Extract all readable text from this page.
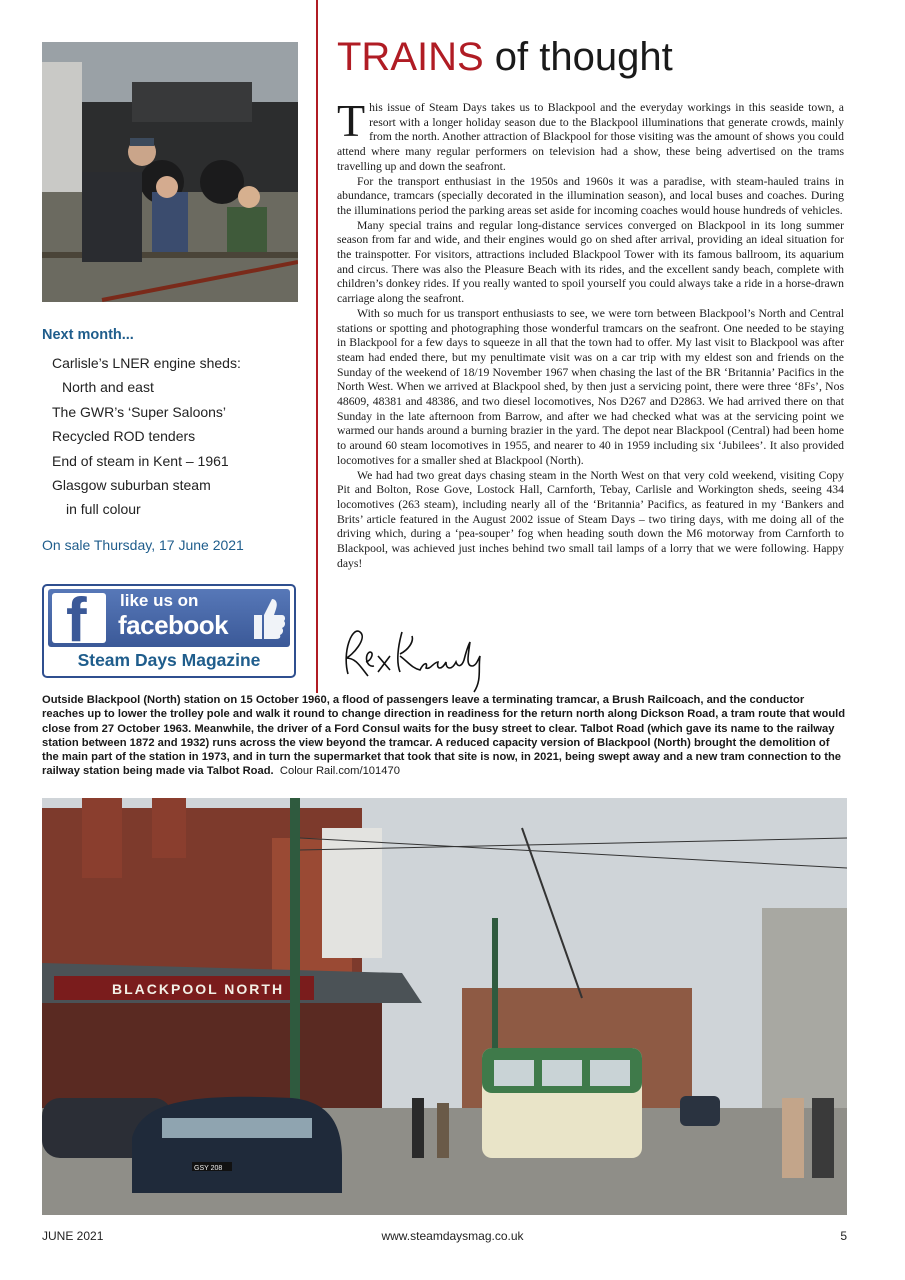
Next month...
Carlisle’s LNER engine sheds:
North and east
The GWR’s ‘Super Saloons’
Recycled ROD tenders
End of steam in Kent – 1961
Glasgow suburban steam
in full colour
On sale Thursday, 17 June 2021
f like us on
facebook
Steam Days Magazine
TRAINS of thought

This issue of Steam Days takes us to Blackpool and the everyday workings in this seaside town, a resort with a longer holiday season due to the Blackpool illuminations that generate crowds, mainly from the north. Another attraction of Blackpool for those visiting was the amount of shows you could attend where many regular performers on television had a show, these being advertised on the trams travelling up and down the seafront.

For the transport enthusiast in the 1950s and 1960s it was a paradise, with steam-hauled trains in abundance, tramcars (specially decorated in the illumination season), and local buses and coaches. During the illuminations period the parking areas set aside for incoming coaches would house hundreds of vehicles.

Many special trains and regular long-distance services converged on Blackpool in its long summer season from far and wide, and their engines would go on shed after arrival, providing an ideal situation for the trainspotter. For visitors, attractions included Blackpool Tower with its famous ballroom, its aquarium and circus. There was also the Pleasure Beach with its rides, and the excellent sandy beach, complete with children’s donkey rides. If you really wanted to spoil yourself you could always take a ride in a horse-drawn carriage along the seafront.

With so much for us transport enthusiasts to see, we were torn between Blackpool’s North and Central stations or spotting and photographing those wonderful tramcars on the seafront. One needed to be staying in Blackpool for a few days to squeeze in all that the town had to offer. My last visit to Blackpool was after steam had ended there, but my penultimate visit was on a car trip with my eldest son and friends on the Sunday of the weekend of 18/19 November 1967 when chasing the last of the BR ‘Britannia’ Pacifics in the North West. When we arrived at Blackpool shed, by then just a servicing point, there were three ‘8Fs’, Nos 48609, 48381 and 48386, and two diesel locomotives, Nos D267 and D2863. We had arrived there on that Sunday in the late afternoon from Barrow, and after we had checked what was at the servicing point we warmed our hands around a burning brazier in the yard. The depot near Blackpool (Central) had been home to around 60 steam locomotives in 1955, and nearer to 40 in 1959 including six ‘Jubilees’. It also provided locomotives for a smaller shed at Blackpool (North).

We had had two great days chasing steam in the North West on that very cold weekend, visiting Copy Pit and Bolton, Rose Gove, Lostock Hall, Carnforth, Tebay, Carlisle and Workington sheds, seeing 434 locomotives (263 steam), including nearly all of the ‘Britannia’ Pacifics, as featured in my ‘Bankers and Brits’ article featured in the August 2002 issue of Steam Days – two tiring days, with me doing all of the driving which, during a ‘pea-souper’ fog when heading south down the M6 motorway from Carnforth to Blackpool, was achieved just inches behind two small tail lamps of a lorry that we were following. Happy days!

Outside Blackpool (North) station on 15 October 1960, a flood of passengers leave a terminating tramcar, a Brush Railcoach, and the conductor reaches up to lower the trolley pole and walk it round to change direction in readiness for the return north along Dickson Road, a tram route that would close from 27 October 1963. Meanwhile, the driver of a Ford Consul waits for the busy street to clear. Talbot Road (which gave its name to the railway station between 1872 and 1932) runs across the view beyond the tramcar. A reduced capacity version of Blackpool (North) brought the demolition of the main part of the station in 1973, and in turn the supermarket that took that site is now, in 2021, being swept away and a new tram connection to the railway station being made via Talbot Road. Colour Rail.com/101470
BLACKPOOL NORTH
GSY 208
JUNE 2021	www.steamdaysmag.co.uk	5
